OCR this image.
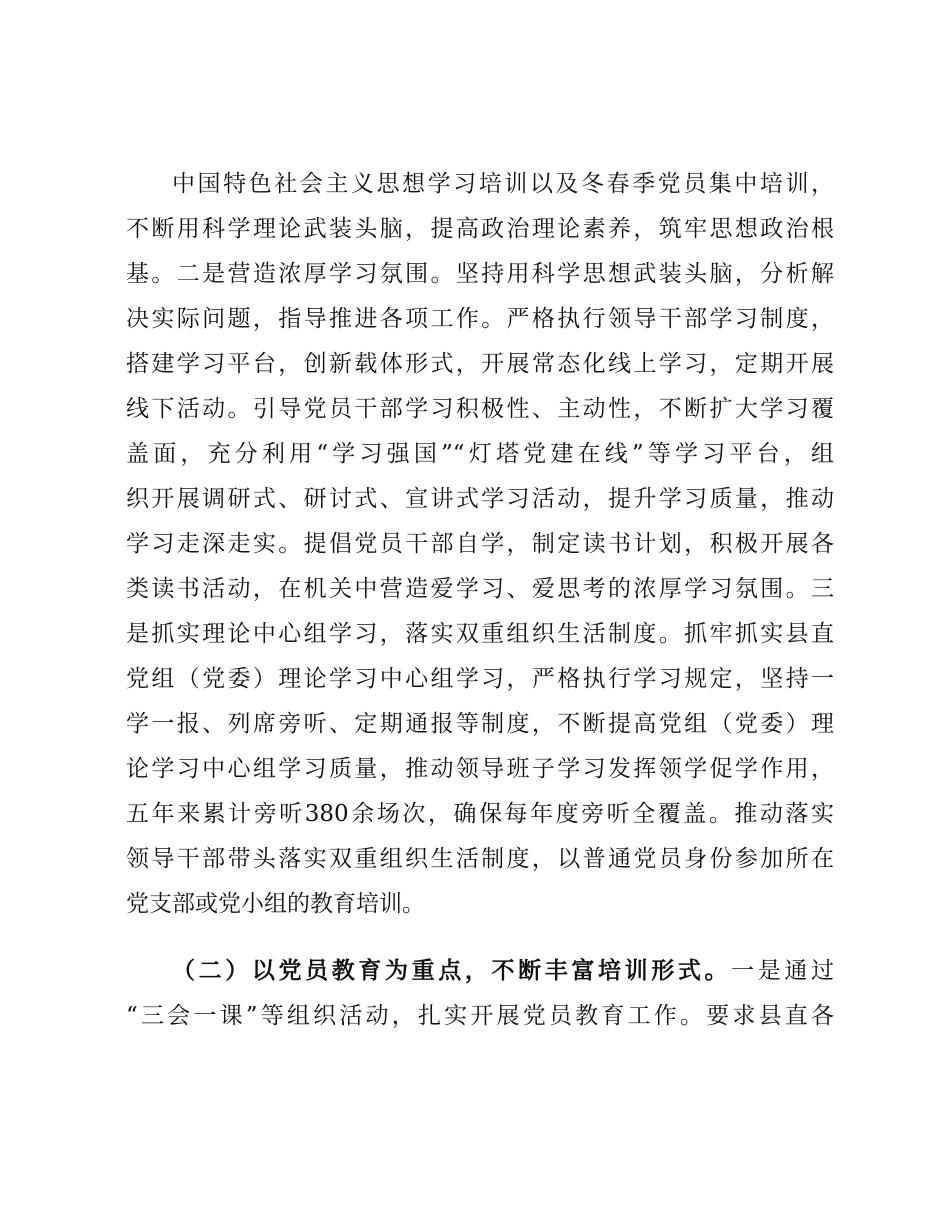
中国特色社会主义思想学习培训以及冬春季党员集中培训，
不断用科学理论武装头脑，提高政治理论素养，筑牢思想政治根
基。二是营造浓厚学习氛围。坚持用科学思想武装头脑，分析解
决实际问题，指导推进各项工作。严格执行领导干部学习制度，
搭建学习平台，创新载体形式，开展常态化线上学习，定期开展
线下活动。引导党员干部学习积极性、主动性，不断扩大学习覆
盖面，充分利用“学习强国”“灯塔党建在线”等学习平台，组
织开展调研式、研讨式、宣讲式学习活动，提升学习质量，推动
学习走深走实。提倡党员干部自学，制定读书计划，积极开展各
类读书活动，在机关中营造爱学习、爱思考的浓厚学习氛围。三
是抓实理论中心组学习，落实双重组织生活制度。抓牢抓实县直
党组（党委）理论学习中心组学习，严格执行学习规定，坚持一
学一报、列席旁听、定期通报等制度，不断提高党组（党委）理
论学习中心组学习质量，推动领导班子学习发挥领学促学作用，
五年来累计旁听380余场次，确保每年度旁听全覆盖。推动落实
领导干部带头落实双重组织生活制度，以普通党员身份参加所在
党支部或党小组的教育培训。
（二）以党员教育为重点，不断丰富培训形式。一是通过
“三会一课”等组织活动，扎实开展党员教育工作。要求县直各
